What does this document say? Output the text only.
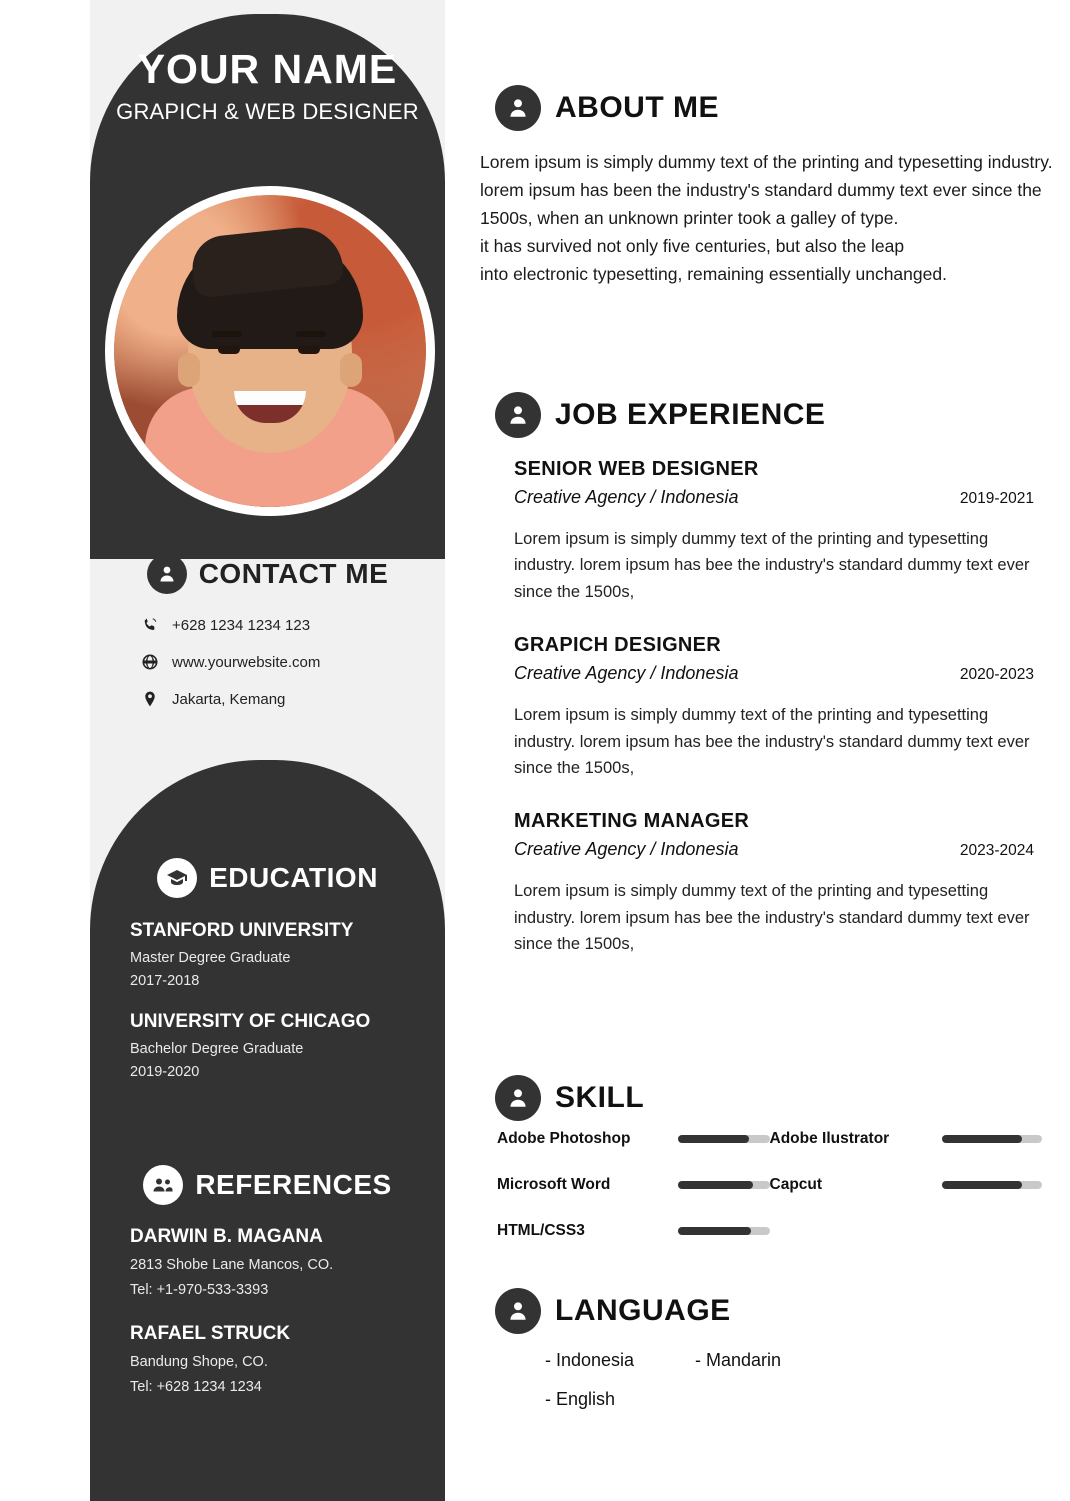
YOUR NAME
GRAPICH & WEB DESIGNER
CONTACT ME
+628 1234 1234 123
www.yourwebsite.com
Jakarta, Kemang
EDUCATION

STANFORD UNIVERSITY

Master Degree Graduate

2017-2018

UNIVERSITY OF CHICAGO

Bachelor Degree Graduate

2019-2020

REFERENCES

DARWIN B. MAGANA

2813 Shobe Lane Mancos, CO.

Tel: +1-970-533-3393

RAFAEL STRUCK

Bandung Shope, CO.

Tel: +628 1234 1234

ABOUT ME
Lorem ipsum is simply dummy text of the printing and typesetting industry. lorem ipsum has been the industry's standard dummy text ever since the 1500s, when an unknown printer took a galley of type.
it has survived not only five centuries, but also the leap
into electronic typesetting, remaining essentially unchanged.
JOB EXPERIENCE

SENIOR WEB DESIGNER

Creative Agency / Indonesia	2019-2021

Lorem ipsum is simply dummy text of the printing and typesetting industry. lorem ipsum has bee the industry's standard dummy text ever since the 1500s,

GRAPICH DESIGNER

Creative Agency / Indonesia	2020-2023

Lorem ipsum is simply dummy text of the printing and typesetting industry. lorem ipsum has bee the industry's standard dummy text ever since the 1500s,

MARKETING MANAGER

Creative Agency / Indonesia	2023-2024

Lorem ipsum is simply dummy text of the printing and typesetting industry. lorem ipsum has bee the industry's standard dummy text ever since the 1500s,

SKILL
Adobe Photoshop	Adobe Ilustrator
Microsoft Word	Capcut
HTML/CSS3
LANGUAGE
- Indonesia	- Mandarin
- English
